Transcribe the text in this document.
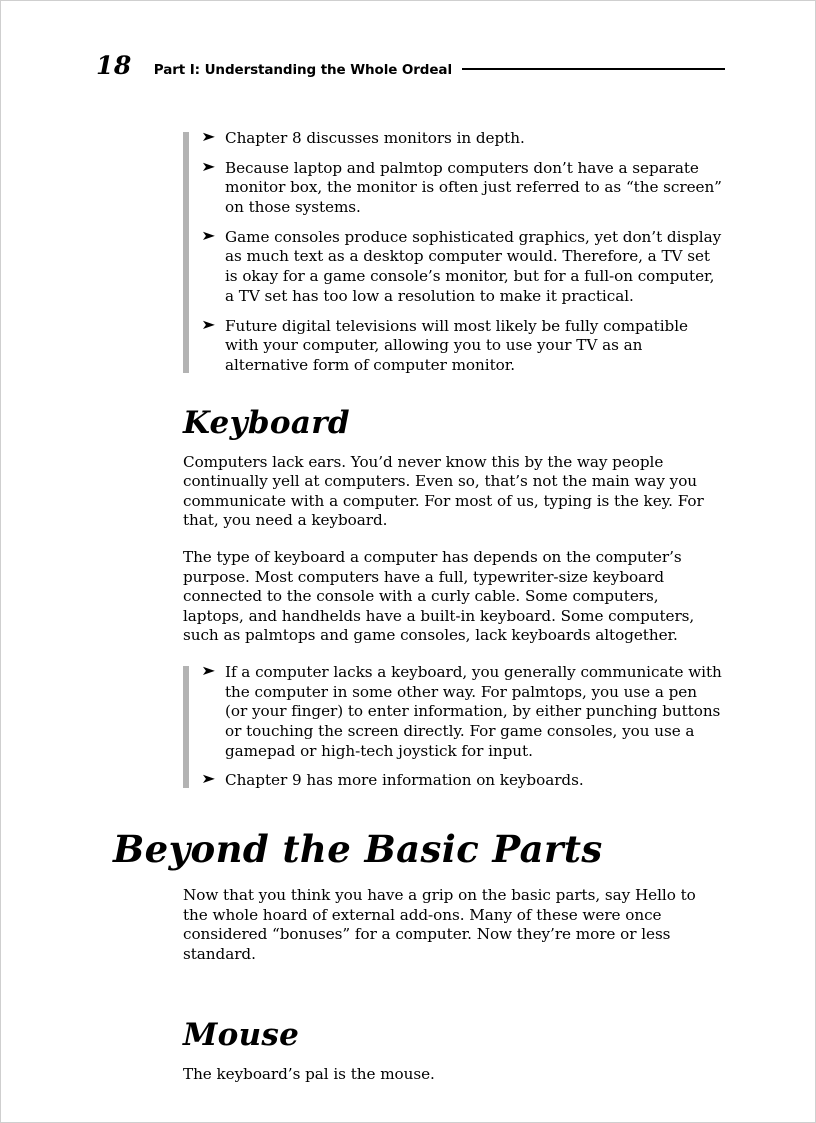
18 Part I: Understanding the Whole Ordeal
➤ Chapter 8 discusses monitors in depth.
➤ Because laptop and palmtop computers don’t have a separate monitor box, the monitor is often just referred to as “the screen” on those systems.
➤ Game consoles produce sophisticated graphics, yet don’t display as much text as a desktop computer would. Therefore, a TV set is okay for a game console’s monitor, but for a full-on computer, a TV set has too low a resolution to make it practical.
➤ Future digital televisions will most likely be fully compatible with your computer, allowing you to use your TV as an alternative form of computer monitor.
Keyboard

Computers lack ears. You’d never know this by the way people continually yell at computers. Even so, that’s not the main way you communicate with a computer. For most of us, typing is the key. For that, you need a keyboard.

The type of keyboard a computer has depends on the computer’s purpose. Most computers have a full, typewriter-size keyboard connected to the console with a curly cable. Some computers, laptops, and handhelds have a built-in keyboard. Some computers, such as palmtops and game consoles, lack keyboards altogether.

➤ If a computer lacks a keyboard, you generally communicate with the computer in some other way. For palmtops, you use a pen (or your finger) to enter information, by either punching buttons or touching the screen directly. For game consoles, you use a gamepad or high-tech joystick for input.
➤ Chapter 9 has more information on keyboards.
Beyond the Basic Parts

Now that you think you have a grip on the basic parts, say Hello to the whole hoard of external add-ons. Many of these were once considered “bonuses” for a computer. Now they’re more or less standard.

Mouse

The keyboard’s pal is the mouse.
